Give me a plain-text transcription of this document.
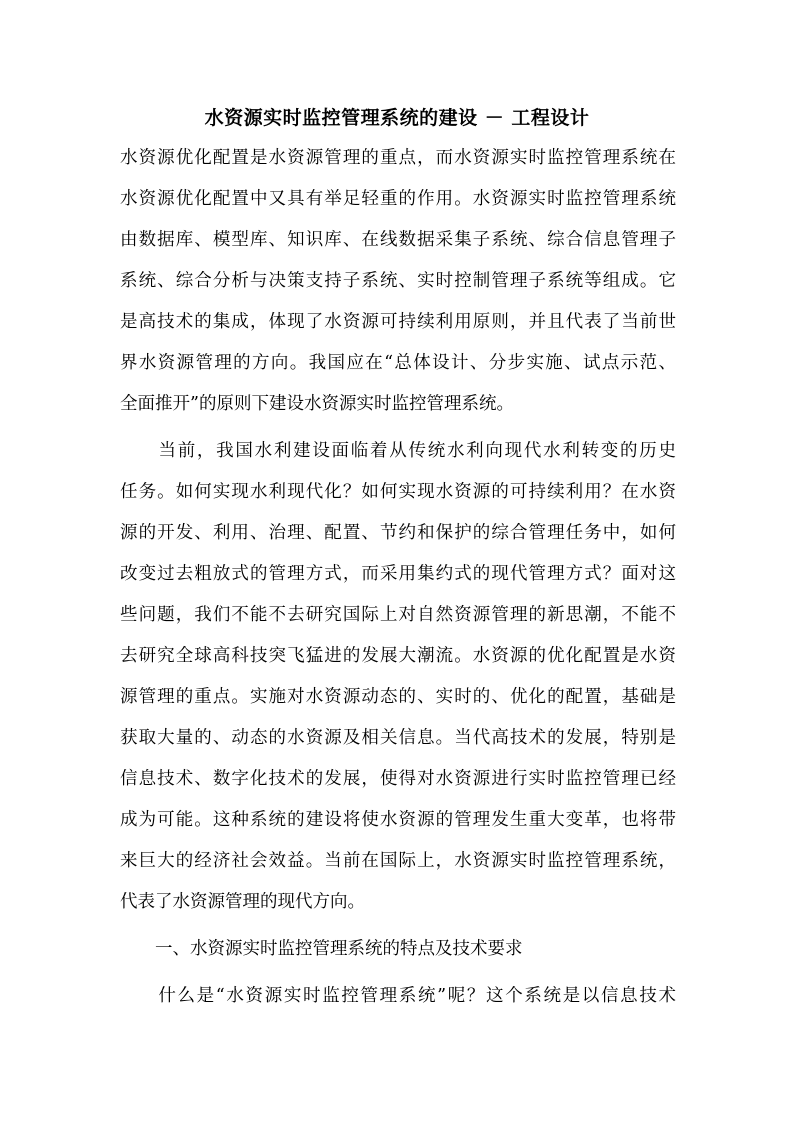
水资源实时监控管理系统的建设 － 工程设计
水资源优化配置是水资源管理的重点，而水资源实时监控管理系统在
水资源优化配置中又具有举足轻重的作用。水资源实时监控管理系统
由数据库、模型库、知识库、在线数据采集子系统、综合信息管理子
系统、综合分析与决策支持子系统、实时控制管理子系统等组成。它
是高技术的集成，体现了水资源可持续利用原则，并且代表了当前世
界水资源管理的方向。我国应在“总体设计、分步实施、试点示范、
全面推开”的原则下建设水资源实时监控管理系统。
　　当前，我国水利建设面临着从传统水利向现代水利转变的历史
任务。如何实现水利现代化？如何实现水资源的可持续利用？在水资
源的开发、利用、治理、配置、节约和保护的综合管理任务中，如何
改变过去粗放式的管理方式，而采用集约式的现代管理方式？面对这
些问题，我们不能不去研究国际上对自然资源管理的新思潮，不能不
去研究全球高科技突飞猛进的发展大潮流。水资源的优化配置是水资
源管理的重点。实施对水资源动态的、实时的、优化的配置，基础是
获取大量的、动态的水资源及相关信息。当代高技术的发展，特别是
信息技术、数字化技术的发展，使得对水资源进行实时监控管理已经
成为可能。这种系统的建设将使水资源的管理发生重大变革，也将带
来巨大的经济社会效益。当前在国际上，水资源实时监控管理系统，
代表了水资源管理的现代方向。
　　一、水资源实时监控管理系统的特点及技术要求
　　什么是“水资源实时监控管理系统”呢？这个系统是以信息技术
